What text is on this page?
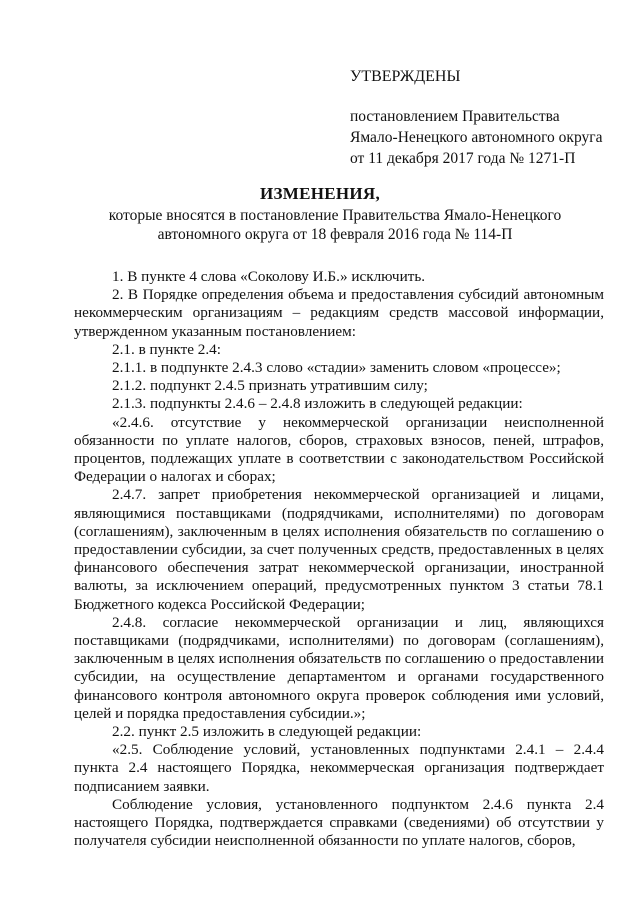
УТВЕРЖДЕНЫ
постановлением Правительства
Ямало-Ненецкого автономного округа
от 11 декабря 2017 года № 1271-П
ИЗМЕНЕНИЯ,
которые вносятся в постановление Правительства Ямало-Ненецкого автономного округа от 18 февраля 2016 года № 114-П

1. В пункте 4 слова «Соколову И.Б.» исключить.

2. В Порядке определения объема и предоставления субсидий автономным некоммерческим организациям – редакциям средств массовой информации, утвержденном указанным постановлением:

2.1. в пункте 2.4:

2.1.1. в подпункте 2.4.3 слово «стадии» заменить словом «процессе»;

2.1.2. подпункт 2.4.5 признать утратившим силу;

2.1.3. подпункты 2.4.6 – 2.4.8 изложить в следующей редакции:

«2.4.6. отсутствие у некоммерческой организации неисполненной обязанности по уплате налогов, сборов, страховых взносов, пеней, штрафов, процентов, подлежащих уплате в соответствии с законодательством Российской Федерации о налогах и сборах;

2.4.7. запрет приобретения некоммерческой организацией и лицами, являющимися поставщиками (подрядчиками, исполнителями) по договорам (соглашениям), заключенным в целях исполнения обязательств по соглашению о предоставлении субсидии, за счет полученных средств, предоставленных в целях финансового обеспечения затрат некоммерческой организации, иностранной валюты, за исключением операций, предусмотренных пунктом 3 статьи 78.1 Бюджетного кодекса Российской Федерации;

2.4.8. согласие некоммерческой организации и лиц, являющихся поставщиками (подрядчиками, исполнителями) по договорам (соглашениям), заключенным в целях исполнения обязательств по соглашению о предоставлении субсидии, на осуществление департаментом и органами государственного финансового контроля автономного округа проверок соблюдения ими условий, целей и порядка предоставления субсидии.»;

2.2. пункт 2.5 изложить в следующей редакции:

«2.5. Соблюдение условий, установленных подпунктами 2.4.1 – 2.4.4 пункта 2.4 настоящего Порядка, некоммерческая организация подтверждает подписанием заявки.

Соблюдение условия, установленного подпунктом 2.4.6 пункта 2.4 настоящего Порядка, подтверждается справками (сведениями) об отсутствии у получателя субсидии неисполненной обязанности по уплате налогов, сборов,
